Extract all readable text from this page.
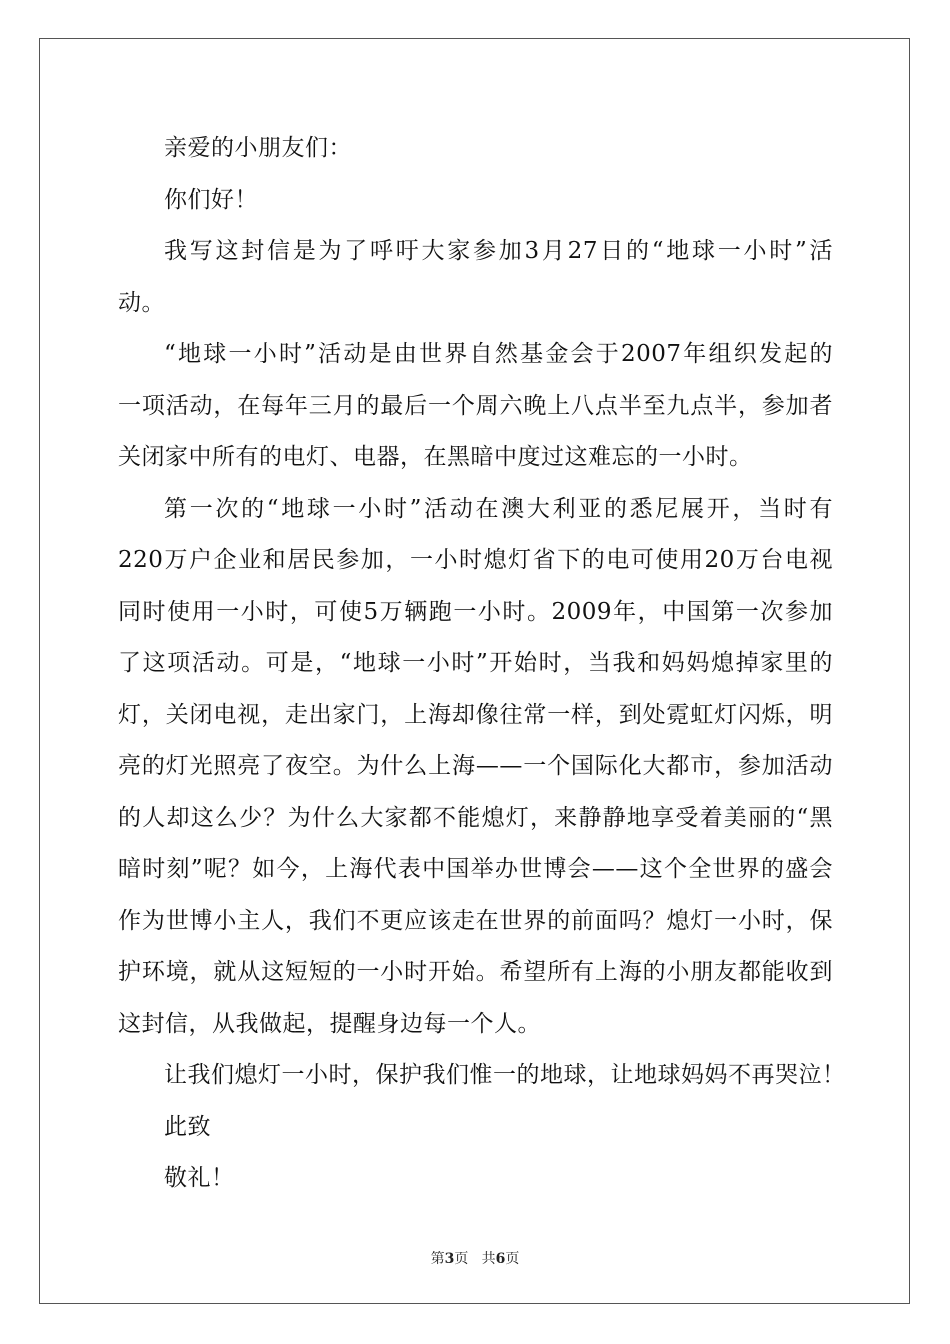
亲爱的小朋友们：
你们好！
我写这封信是为了呼吁大家参加3月27日的“地球一小时”活
动。
“地球一小时”活动是由世界自然基金会于2007年组织发起的
一项活动，在每年三月的最后一个周六晚上八点半至九点半，参加者
关闭家中所有的电灯、电器，在黑暗中度过这难忘的一小时。
第一次的“地球一小时”活动在澳大利亚的悉尼展开，当时有
220万户企业和居民参加，一小时熄灯省下的电可使用20万台电视
同时使用一小时，可使5万辆跑一小时。2009年，中国第一次参加
了这项活动。可是，“地球一小时”开始时，当我和妈妈熄掉家里的
灯，关闭电视，走出家门，上海却像往常一样，到处霓虹灯闪烁，明
亮的灯光照亮了夜空。为什么上海——一个国际化大都市，参加活动
的人却这么少？为什么大家都不能熄灯，来静静地享受着美丽的“黑
暗时刻”呢？如今，上海代表中国举办世博会——这个全世界的盛会
作为世博小主人，我们不更应该走在世界的前面吗？熄灯一小时，保
护环境，就从这短短的一小时开始。希望所有上海的小朋友都能收到
这封信，从我做起，提醒身边每一个人。
让我们熄灯一小时，保护我们惟一的地球，让地球妈妈不再哭泣！
此致
敬礼！
第3页 共6页
